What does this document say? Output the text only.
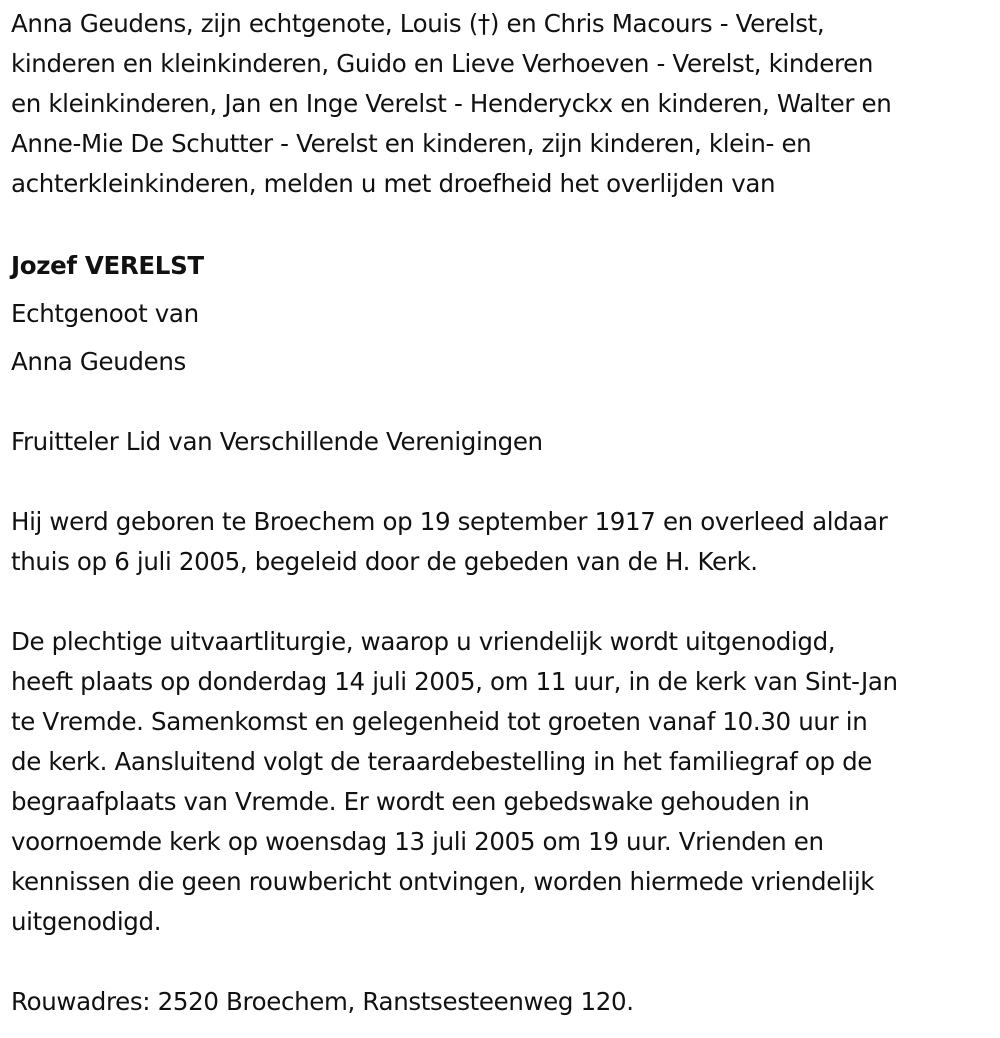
Anna Geudens, zijn echtgenote, Louis (†) en Chris Macours - Verelst,
kinderen en kleinkinderen, Guido en Lieve Verhoeven - Verelst, kinderen
en kleinkinderen, Jan en Inge Verelst - Henderyckx en kinderen, Walter en
Anne-Mie De Schutter - Verelst en kinderen, zijn kinderen, klein- en
achterkleinkinderen, melden u met droefheid het overlijden van
Jozef VERELST
Echtgenoot van
Anna Geudens
Fruitteler Lid van Verschillende Verenigingen
Hij werd geboren te Broechem op 19 september 1917 en overleed aldaar
thuis op 6 juli 2005, begeleid door de gebeden van de H. Kerk.
De plechtige uitvaartliturgie, waarop u vriendelijk wordt uitgenodigd,
heeft plaats op donderdag 14 juli 2005, om 11 uur, in de kerk van Sint-Jan
te Vremde. Samenkomst en gelegenheid tot groeten vanaf 10.30 uur in
de kerk. Aansluitend volgt de teraardebestelling in het familiegraf op de
begraafplaats van Vremde. Er wordt een gebedswake gehouden in
voornoemde kerk op woensdag 13 juli 2005 om 19 uur. Vrienden en
kennissen die geen rouwbericht ontvingen, worden hiermede vriendelijk
uitgenodigd.
Rouwadres: 2520 Broechem, Ranstsesteenweg 120.
